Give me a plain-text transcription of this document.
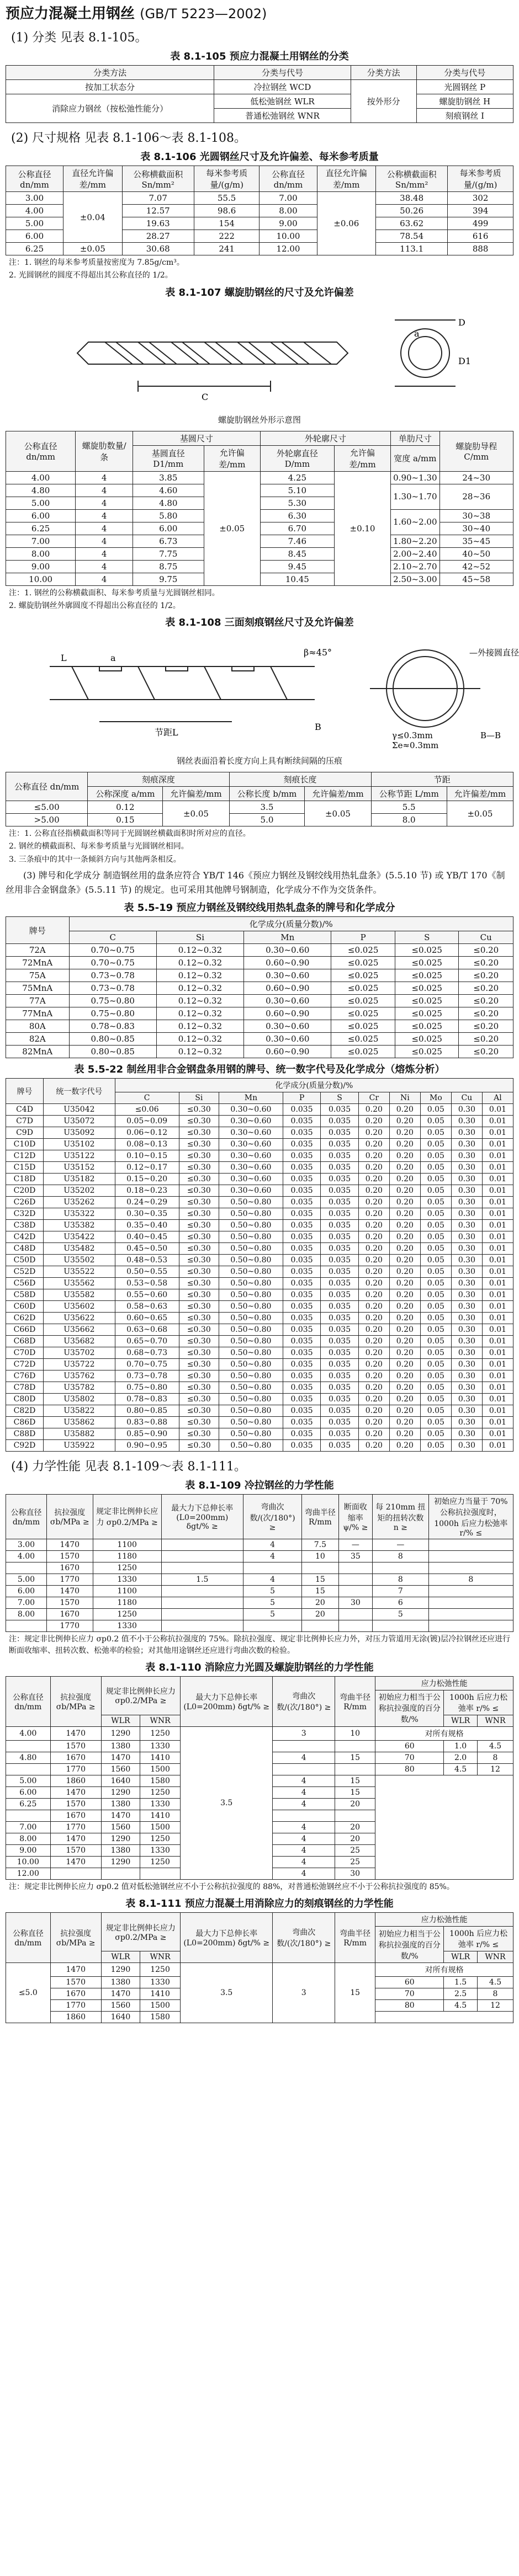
预应力混凝土用钢丝 (GB/T 5223—2002)
(1) 分类 见表 8.1-105。
表 8.1-105 预应力混凝土用钢丝的分类
分类方法	分类与代号	分类方法	分类与代号
按加工状态分	冷拉钢丝 WCD	按外形分	光圆钢丝 P
消除应力钢丝（按松弛性能分）	低松弛钢丝 WLR		螺旋肋钢丝 H
	普通松弛钢丝 WNR		刻痕钢丝 I
(2) 尺寸规格 见表 8.1-106～表 8.1-108。
表 8.1-106 光圆钢丝尺寸及允许偏差、每米参考质量
公称直径 dn/mm	直径允许偏差/mm	公称横截面积 Sn/mm²	每米参考质量/(g/m)	公称直径 dn/mm	直径允许偏差/mm	公称横截面积 Sn/mm²	每米参考质量/(g/m)
3.00	±0.04	7.07	55.5	7.00	±0.06	38.48	302
4.00		12.57	98.6	8.00		50.26	394
5.00		19.63	154	9.00		63.62	499
6.00		28.27	222	10.00		78.54	616
6.25	±0.05	30.68	241	12.00		113.1	888
注：1. 钢丝的每米参考质量按密度为 7.85g/cm³。
2. 光圆钢丝的圆度不得超出其公称直径的 1/2。
表 8.1-107 螺旋肋钢丝的尺寸及允许偏差
C
D
D1
a
螺旋肋钢丝外形示意图
公称直径 dn/mm	螺旋肋数量/条	基圆尺寸		外轮廓尺寸		单肋尺寸	螺旋肋导程 C/mm
		基圆直径 D1/mm	允许偏差/mm	外轮廓直径 D/mm	允许偏差/mm	宽度 a/mm	
4.00	4	3.85	±0.05	4.25	±0.10	0.90~1.30	24~30
4.80	4	4.60		5.10		1.30~1.70	28~36
5.00	4	4.80		5.30			
6.00	4	5.80		6.30		1.60~2.00	30~38
6.25	4	6.00		6.70			30~40
7.00	4	6.73		7.46		1.80~2.20	35~45
8.00	4	7.75		8.45		2.00~2.40	40~50
9.00	4	8.75		9.45		2.10~2.70	42~52
10.00	4	9.75		10.45		2.50~3.00	45~58
注：1. 钢丝的公称横截面积、每米参考质量与光圆钢丝相同。
2. 螺旋肋钢丝外廓圆度不得超出公称直径的 1/2。
表 8.1-108 三面刻痕钢丝尺寸及允许偏差
β≈45°
a
L
节距L
B
—外接圆直径
γ≤0.3mm
Σe≈0.3mm
B—B
钢丝表面沿着长度方向上具有断续间隔的压痕
公称直径 dn/mm	刻痕深度		刻痕长度		节距	
	公称深度 a/mm	允许偏差/mm	公称长度 b/mm	允许偏差/mm	公称节距 L/mm	允许偏差/mm
≤5.00	0.12	±0.05	3.5	±0.05	5.5	±0.05
>5.00	0.15		5.0		8.0	
注：1. 公称直径指横截面积等同于光圆钢丝横截面积时所对应的直径。
2. 钢丝的横截面积、每米参考质量与光圆钢丝相同。
3. 三条痕中的其中一条倾斜方向与其他两条相反。
(3) 牌号和化学成分 制造钢丝用的盘条应符合 YB/T 146《预应力钢丝及钢绞线用热轧盘条》(5.5.10 节) 或 YB/T 170《制丝用非合金钢盘条》(5.5.11 节) 的规定。也可采用其他牌号钢制造，化学成分不作为交货条件。
表 5.5-19 预应力钢丝及钢绞线用热轧盘条的牌号和化学成分
牌号	化学成分(质量分数)/%					
	C	Si	Mn	P	S	Cu
72A	0.70~0.75	0.12~0.32	0.30~0.60	≤0.025	≤0.025	≤0.20
72MnA	0.70~0.75	0.12~0.32	0.60~0.90	≤0.025	≤0.025	≤0.20
75A	0.73~0.78	0.12~0.32	0.30~0.60	≤0.025	≤0.025	≤0.20
75MnA	0.73~0.78	0.12~0.32	0.60~0.90	≤0.025	≤0.025	≤0.20
77A	0.75~0.80	0.12~0.32	0.30~0.60	≤0.025	≤0.025	≤0.20
77MnA	0.75~0.80	0.12~0.32	0.60~0.90	≤0.025	≤0.025	≤0.20
80A	0.78~0.83	0.12~0.32	0.30~0.60	≤0.025	≤0.025	≤0.20
82A	0.80~0.85	0.12~0.32	0.30~0.60	≤0.025	≤0.025	≤0.20
82MnA	0.80~0.85	0.12~0.32	0.60~0.90	≤0.025	≤0.025	≤0.20
表 5.5-22 制丝用非合金钢盘条用钢的牌号、统一数字代号及化学成分（熔炼分析）
牌号	统一数字代号	化学成分(质量分数)/%									
		C	Si	Mn	P	S	Cr	Ni	Mo	Cu	Al
C4D	U35042	≤0.06	≤0.30	0.30~0.60	0.035	0.035	0.20	0.20	0.05	0.30	0.01
C7D	U35072	0.05~0.09	≤0.30	0.30~0.60	0.035	0.035	0.20	0.20	0.05	0.30	0.01
C9D	U35092	0.06~0.12	≤0.30	0.30~0.60	0.035	0.035	0.20	0.20	0.05	0.30	0.01
C10D	U35102	0.08~0.13	≤0.30	0.30~0.60	0.035	0.035	0.20	0.20	0.05	0.30	0.01
C12D	U35122	0.10~0.15	≤0.30	0.30~0.60	0.035	0.035	0.20	0.20	0.05	0.30	0.01
C15D	U35152	0.12~0.17	≤0.30	0.30~0.60	0.035	0.035	0.20	0.20	0.05	0.30	0.01
C18D	U35182	0.15~0.20	≤0.30	0.30~0.60	0.035	0.035	0.20	0.20	0.05	0.30	0.01
C20D	U35202	0.18~0.23	≤0.30	0.30~0.60	0.035	0.035	0.20	0.20	0.05	0.30	0.01
C26D	U35262	0.24~0.29	≤0.30	0.50~0.80	0.035	0.035	0.20	0.20	0.05	0.30	0.01
C32D	U35322	0.30~0.35	≤0.30	0.50~0.80	0.035	0.035	0.20	0.20	0.05	0.30	0.01
C38D	U35382	0.35~0.40	≤0.30	0.50~0.80	0.035	0.035	0.20	0.20	0.05	0.30	0.01
C42D	U35422	0.40~0.45	≤0.30	0.50~0.80	0.035	0.035	0.20	0.20	0.05	0.30	0.01
C48D	U35482	0.45~0.50	≤0.30	0.50~0.80	0.035	0.035	0.20	0.20	0.05	0.30	0.01
C50D	U35502	0.48~0.53	≤0.30	0.50~0.80	0.035	0.035	0.20	0.20	0.05	0.30	0.01
C52D	U35522	0.50~0.55	≤0.30	0.50~0.80	0.035	0.035	0.20	0.20	0.05	0.30	0.01
C56D	U35562	0.53~0.58	≤0.30	0.50~0.80	0.035	0.035	0.20	0.20	0.05	0.30	0.01
C58D	U35582	0.55~0.60	≤0.30	0.50~0.80	0.035	0.035	0.20	0.20	0.05	0.30	0.01
C60D	U35602	0.58~0.63	≤0.30	0.50~0.80	0.035	0.035	0.20	0.20	0.05	0.30	0.01
C62D	U35622	0.60~0.65	≤0.30	0.50~0.80	0.035	0.035	0.20	0.20	0.05	0.30	0.01
C66D	U35662	0.63~0.68	≤0.30	0.50~0.80	0.035	0.035	0.20	0.20	0.05	0.30	0.01
C68D	U35682	0.65~0.70	≤0.30	0.50~0.80	0.035	0.035	0.20	0.20	0.05	0.30	0.01
C70D	U35702	0.68~0.73	≤0.30	0.50~0.80	0.035	0.035	0.20	0.20	0.05	0.30	0.01
C72D	U35722	0.70~0.75	≤0.30	0.50~0.80	0.035	0.035	0.20	0.20	0.05	0.30	0.01
C76D	U35762	0.73~0.78	≤0.30	0.50~0.80	0.035	0.035	0.20	0.20	0.05	0.30	0.01
C78D	U35782	0.75~0.80	≤0.30	0.50~0.80	0.035	0.035	0.20	0.20	0.05	0.30	0.01
C80D	U35802	0.78~0.83	≤0.30	0.50~0.80	0.035	0.035	0.20	0.20	0.05	0.30	0.01
C82D	U35822	0.80~0.85	≤0.30	0.50~0.80	0.035	0.035	0.20	0.20	0.05	0.30	0.01
C86D	U35862	0.83~0.88	≤0.30	0.50~0.80	0.035	0.035	0.20	0.20	0.05	0.30	0.01
C88D	U35882	0.85~0.90	≤0.30	0.50~0.80	0.035	0.035	0.20	0.20	0.05	0.30	0.01
C92D	U35922	0.90~0.95	≤0.30	0.50~0.80	0.035	0.035	0.20	0.20	0.05	0.30	0.01
(4) 力学性能 见表 8.1-109～表 8.1-111。
表 8.1-109 冷拉钢丝的力学性能
公称直径 dn/mm	抗拉强度 σb/MPa ≥	规定非比例伸长应力 σp0.2/MPa ≥	最大力下总伸长率(L0=200mm) δgt/% ≥	弯曲次数/(次/180°) ≥	弯曲半径 R/mm	断面收缩率 ψ/% ≥	每 210mm 扭矩的扭转次数 n ≥	初始应力当量于 70% 公称抗拉强度时，1000h 后应力松弛率 r/% ≤
3.00	1470	1100		4	7.5	—	—	
4.00	1570	1180		4	10	35	8	
	1670	1250						
5.00	1770	1330	1.5	4	15		8	8
6.00	1470	1100		5	15		7	
7.00	1570	1180		5	20	30	6	
8.00	1670	1250		5	20		5	
	1770	1330						
注：规定非比例伸长应力 σp0.2 值不小于公称抗拉强度的 75%。除抗拉强度、规定非比例伸长应力外，对压力管道用无涂(镀)层冷拉钢丝还应进行断面收缩率、扭转次数、松弛率的检验；对其他用途钢丝还应进行弯曲次数的检验。
表 8.1-110 消除应力光圆及螺旋肋钢丝的力学性能
公称直径 dn/mm	抗拉强度 σb/MPa ≥	规定非比例伸长应力 σp0.2/MPa ≥		最大力下总伸长率(L0=200mm) δgt/% ≥	弯曲次数/(次/180°) ≥	弯曲半径 R/mm	应力松弛性能		
							初始应力相当于公称抗拉强度的百分数/%	1000h 后应力松弛率 r/% ≤	
		WLR	WNR					WLR	WNR
4.00	1470	1290	1250	3.5	3	10	对所有规格		
	1570	1380	1330				60	1.0	4.5
4.80	1670	1470	1410		4	15	70	2.0	8
	1770	1560	1500				80	4.5	12
5.00	1860	1640	1580		4	15			
6.00	1470	1290	1250		4	15			
6.25	1570	1380	1330		4	20			
	1670	1470	1410						
7.00	1770	1560	1500		4	20			
8.00	1470	1290	1250		4	20			
9.00	1570	1380	1330		4	25			
10.00	1470	1290	1250		4	25			
12.00					4	30			
注：规定非比例伸长应力 σp0.2 值对低松弛钢丝应不小于公称抗拉强度的 88%，对普通松弛钢丝应不小于公称抗拉强度的 85%。
表 8.1-111 预应力混凝土用消除应力的刻痕钢丝的力学性能
公称直径 dn/mm	抗拉强度 σb/MPa ≥	规定非比例伸长应力 σp0.2/MPa ≥		最大力下总伸长率(L0=200mm) δgt/% ≥	弯曲次数/(次/180°) ≥	弯曲半径 R/mm	应力松弛性能		
							初始应力相当于公称抗拉强度的百分数/%	1000h 后应力松弛率 r/% ≤	
		WLR	WNR					WLR	WNR
≤5.0	1470	1290	1250	3.5	3	15	对所有规格		
	1570	1380	1330				60	1.5	4.5
	1670	1470	1410				70	2.5	8
	1770	1560	1500				80	4.5	12
	1860	1640	1580						
